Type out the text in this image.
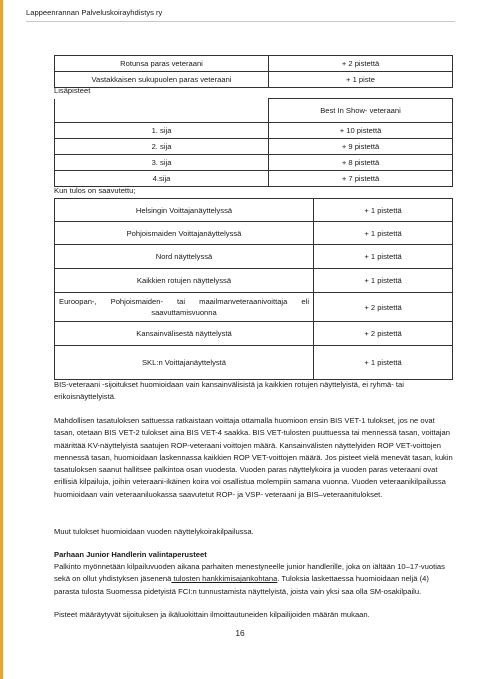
Lappeenrannan Palveluskoirayhdistys ry
Rotunsa paras veteraani	+ 2 pistettä
Vastakkaisen sukupuolen paras veteraani	+ 1 piste
Lisäpisteet
	Best In Show- veteraani
1. sija	+ 10 pistettä
2. sija	+ 9 pistettä
3. sija	+ 8 pistettä
4.sija	+ 7 pistettä
Kun tulos on saavutettu;
Helsingin Voittajanäyttelyssä	+ 1 pistettä
Pohjoismaiden Voittajanäyttelyssä	+ 1 pistettä
Nord näyttelyssä	+ 1 pistettä
Kaikkien rotujen näyttelyssä	+ 1 pistettä

Euroopan-, Pohjoismaiden- tai maailmanveteraanivoittaja eli
saavuttamisvuonna	+ 2 pistettä
Kansainvälisestä näyttelystä	+ 2 pistettä
SKL:n Voittajanäyttelystä	+ 1 pistettä

BIS-veteraani -sijoitukset huomioidaan vain kansainvälisistä ja kaikkien rotujen näyttelyistä, ei ryhmä- tai erikoisnäyttelyistä.

Mahdollisen tasatuloksen sattuessa ratkaistaan voittaja ottamalla huomioon ensin BIS VET-1 tulokset, jos ne ovat tasan, otetaan BIS VET-2 tulokset aina BIS VET-4 saakka. BIS VET-tulosten puuttuessa tai mennessä tasan, voittajan määrittää KV-näyttelyistä saatujen ROP-veteraani voittojen määrä. Kansainvälisten näyttelyiden ROP VET-voittojen mennessä tasan, huomioidaan laskennassa kaikkien ROP VET-voittojen määrä. Jos pisteet vielä menevät tasan, kukin tasatuloksen saanut hallitsee palkintoa osan vuodesta. Vuoden paras näyttelykoira ja vuoden paras veteraani ovat erillisiä kilpailuja, joihin veteraani-ikäinen koira voi osallistua molempiin samana vuonna. Vuoden veteraanikilpailussa huomioidaan vain veteraaniluokassa saavutetut ROP- ja VSP- veteraani ja BIS–veteraanitulokset.

Muut tulokset huomioidaan vuoden näyttelykoirakilpailussa.

Parhaan Junior Handlerin valintaperusteet

Palkinto myönnetään kilpailuvuoden aikana parhaiten menestyneelle junior handlerille, joka on iältään 10–17-vuotias sekä on ollut yhdistyksen jäsenenä tulosten hankkimisajankohtana. Tuloksia laskettaessa huomioidaan neljä (4) parasta tulosta Suomessa pidetyistä FCI:n tunnustamista näyttelyistä, joista vain yksi saa olla SM-osakilpailu.

Pisteet määräytyvät sijoituksen ja ikäluokittain ilmoittautuneiden kilpailijoiden määrän mukaan.

16
